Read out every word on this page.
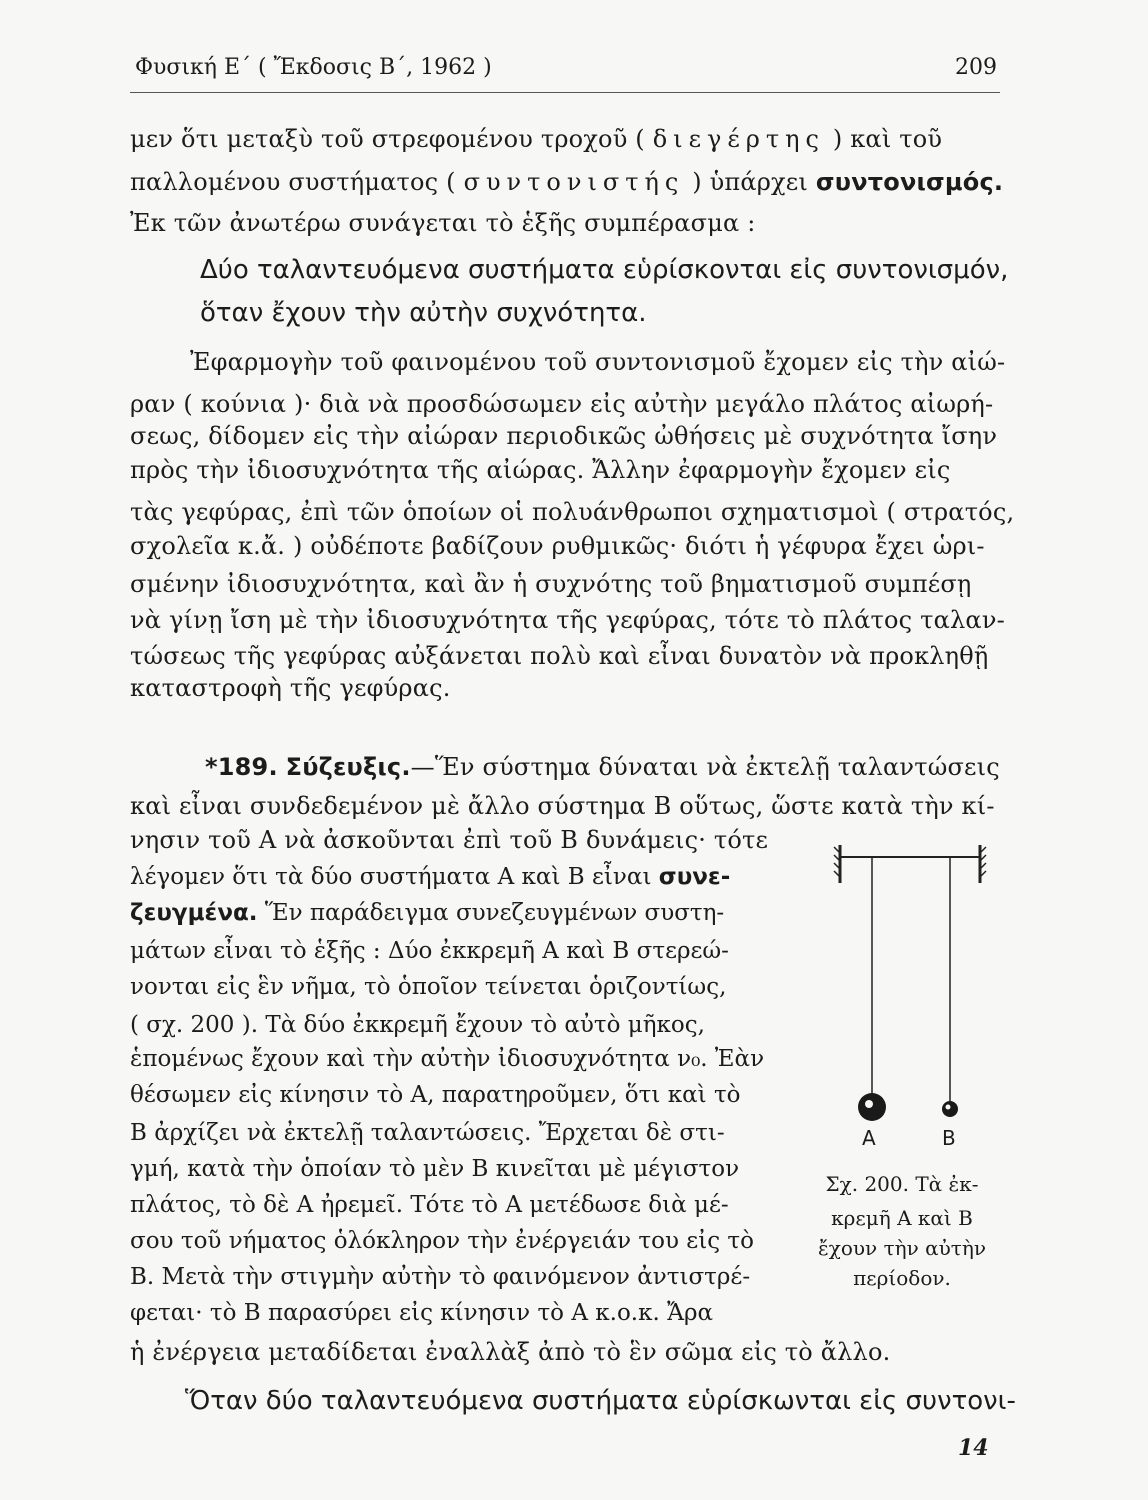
Φυσική Ε΄ ( Ἔκδοσις Β΄, 1962 )	209
μεν ὅτι μεταξὺ τοῦ στρεφομένου τροχοῦ ( διεγέρτης ) καὶ τοῦ
παλλομένου συστήματος ( συντονιστής ) ὑπάρχει συντονισμός.
Ἐκ τῶν ἀνωτέρω συνάγεται τὸ ἑξῆς συμπέρασμα :
Δύο ταλαντευόμενα συστήματα εὑρίσκονται εἰς συντονισμόν,
ὅταν ἔχουν τὴν αὐτὴν συχνότητα.
Ἐφαρμογὴν τοῦ φαινομένου τοῦ συντονισμοῦ ἔχομεν εἰς τὴν αἰώ-
ραν ( κούνια )· διὰ νὰ προσδώσωμεν εἰς αὐτὴν μεγάλο πλάτος αἰωρή-
σεως, δίδομεν εἰς τὴν αἰώραν περιοδικῶς ὠθήσεις μὲ συχνότητα ἴσην
πρὸς τὴν ἰδιοσυχνότητα τῆς αἰώρας. Ἄλλην ἐφαρμογὴν ἔχομεν εἰς
τὰς γεφύρας, ἐπὶ τῶν ὁποίων οἱ πολυάνθρωποι σχηματισμοὶ ( στρατός,
σχολεῖα κ.ἄ. ) οὐδέποτε βαδίζουν ρυθμικῶς· διότι ἡ γέφυρα ἔχει ὡρι-
σμένην ἰδιοσυχνότητα, καὶ ἂν ἡ συχνότης τοῦ βηματισμοῦ συμπέσῃ
νὰ γίνῃ ἴση μὲ τὴν ἰδιοσυχνότητα τῆς γεφύρας, τότε τὸ πλάτος ταλαν-
τώσεως τῆς γεφύρας αὐξάνεται πολὺ καὶ εἶναι δυνατὸν νὰ προκληθῇ
καταστροφὴ τῆς γεφύρας.
*189. Σύζευξις.—Ἕν σύστημα δύναται νὰ ἐκτελῇ ταλαντώσεις
καὶ εἶναι συνδεδεμένον μὲ ἄλλο σύστημα Β οὕτως, ὥστε κατὰ τὴν κί-
νησιν τοῦ Α νὰ ἀσκοῦνται ἐπὶ τοῦ Β δυνάμεις· τότε
λέγομεν ὅτι τὰ δύο συστήματα Α καὶ Β εἶναι συνε-
ζευγμένα. Ἕν παράδειγμα συνεζευγμένων συστη-
μάτων εἶναι τὸ ἑξῆς : Δύο ἐκκρεμῆ Α καὶ Β στερεώ-
νονται εἰς ἓν νῆμα, τὸ ὁποῖον τείνεται ὁριζοντίως,
( σχ. 200 ). Τὰ δύο ἐκκρεμῆ ἔχουν τὸ αὐτὸ μῆκος,
ἑπομένως ἔχουν καὶ τὴν αὐτὴν ἰδιοσυχνότητα ν₀. Ἐὰν
θέσωμεν εἰς κίνησιν τὸ Α, παρατηροῦμεν, ὅτι καὶ τὸ
Β ἀρχίζει νὰ ἐκτελῇ ταλαντώσεις. Ἔρχεται δὲ στι-
γμή, κατὰ τὴν ὁποίαν τὸ μὲν Β κινεῖται μὲ μέγιστον
πλάτος, τὸ δὲ Α ἠρεμεῖ. Τότε τὸ Α μετέδωσε διὰ μέ-
σου τοῦ νήματος ὁλόκληρον τὴν ἐνέργειάν του εἰς τὸ
Β. Μετὰ τὴν στιγμὴν αὐτὴν τὸ φαινόμενον ἀντιστρέ-
φεται· τὸ Β παρασύρει εἰς κίνησιν τὸ Α κ.ο.κ. Ἄρα
ἡ ἐνέργεια μεταδίδεται ἐναλλὰξ ἀπὸ τὸ ἓν σῶμα εἰς τὸ ἄλλο.
A	B
Σχ. 200. Τὰ ἐκ-
κρεμῆ Α καὶ Β
ἔχουν τὴν αὐτὴν
περίοδον.
Ὅταν δύο ταλαντευόμενα συστήματα εὑρίσκωνται εἰς συντονι-
14
